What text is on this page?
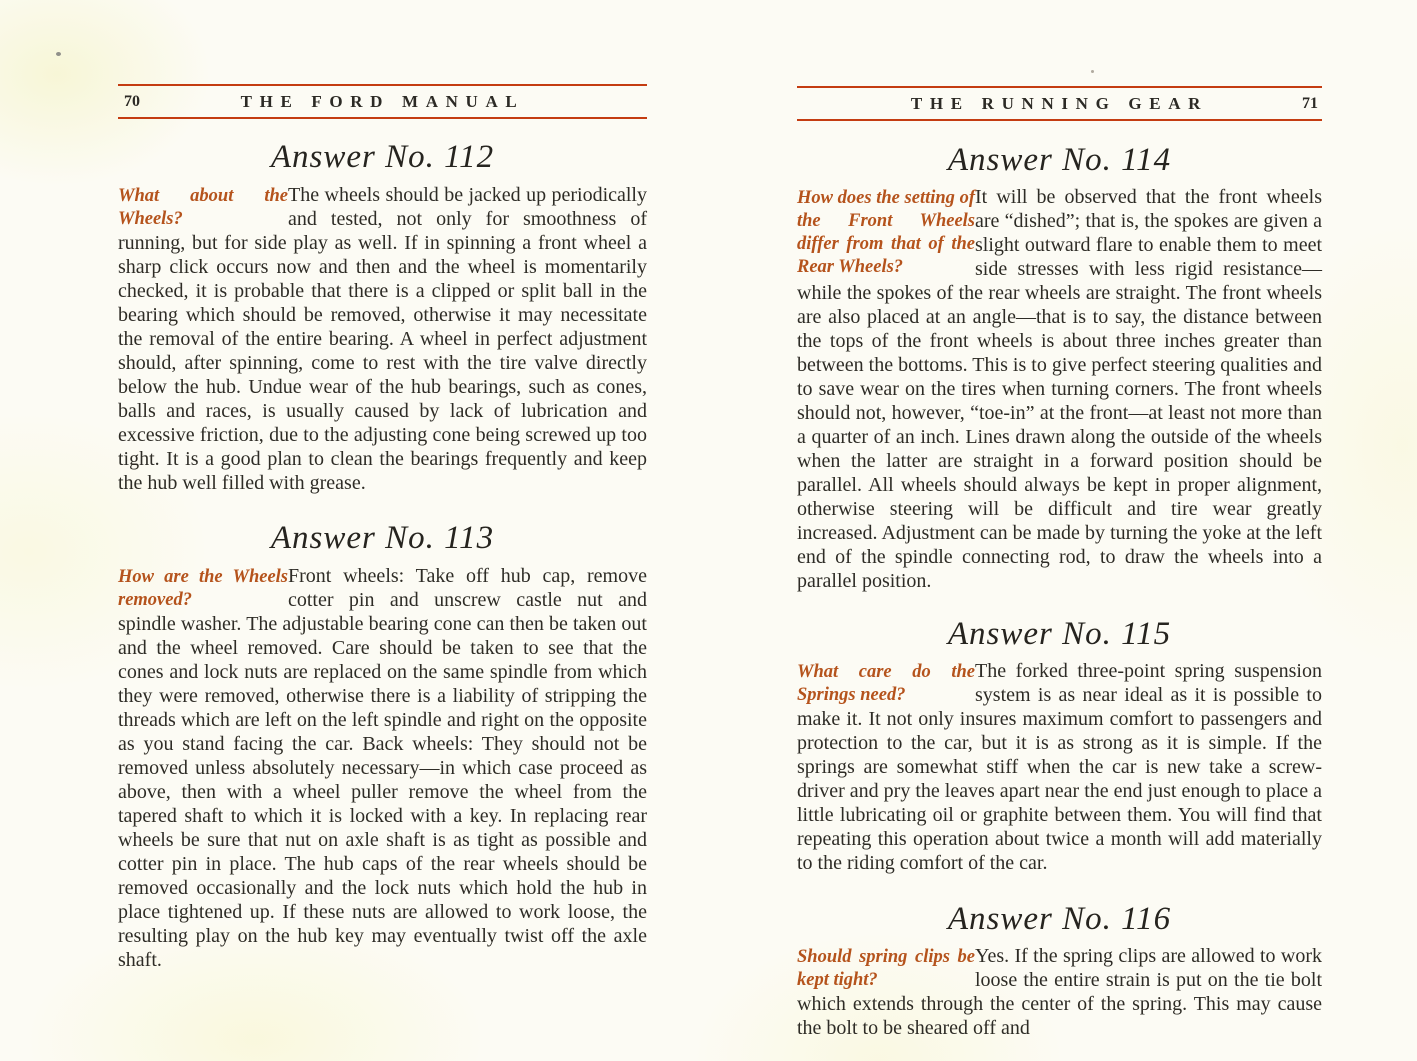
70	THE FORD MANUAL
Answer No. 112

What about the Wheels?
The wheels should be jacked up periodically and tested, not only for smoothness of running, but for side play as well. If in spinning a front wheel a sharp click occurs now and then and the wheel is momentarily checked, it is probable that there is a clipped or split ball in the bearing which should be removed, otherwise it may necessitate the removal of the entire bearing. A wheel in perfect adjustment should, after spinning, come to rest with the tire valve directly below the hub. Undue wear of the hub bearings, such as cones, balls and races, is usually caused by lack of lubrication and excessive friction, due to the adjusting cone being screwed up too tight. It is a good plan to clean the bearings frequently and keep the hub well filled with grease.

Answer No. 113

How are the Wheels removed?
Front wheels: Take off hub cap, remove cotter pin and unscrew castle nut and spindle washer. The adjustable bearing cone can then be taken out and the wheel removed. Care should be taken to see that the cones and lock nuts are replaced on the same spindle from which they were removed, otherwise there is a liability of stripping the threads which are left on the left spindle and right on the opposite as you stand facing the car. Back wheels: They should not be removed unless absolutely necessary—in which case proceed as above, then with a wheel puller remove the wheel from the tapered shaft to which it is locked with a key. In replacing rear wheels be sure that nut on axle shaft is as tight as possible and cotter pin in place. The hub caps of the rear wheels should be removed occasionally and the lock nuts which hold the hub in place tightened up. If these nuts are allowed to work loose, the resulting play on the hub key may eventually twist off the axle shaft.

THE RUNNING GEAR	71
Answer No. 114

How does the setting of the Front Wheels differ from that of the Rear Wheels?
It will be observed that the front wheels are “dished”; that is, the spokes are given a slight outward flare to enable them to meet side stresses with less rigid resistance—while the spokes of the rear wheels are straight. The front wheels are also placed at an angle—that is to say, the distance between the tops of the front wheels is about three inches greater than between the bottoms. This is to give perfect steering qualities and to save wear on the tires when turning corners. The front wheels should not, however, “toe-in” at the front—at least not more than a quarter of an inch. Lines drawn along the outside of the wheels when the latter are straight in a forward position should be parallel. All wheels should always be kept in proper alignment, otherwise steering will be difficult and tire wear greatly increased. Adjustment can be made by turning the yoke at the left end of the spindle connecting rod, to draw the wheels into a parallel position.

Answer No. 115

What care do the Springs need?
The forked three-point spring suspension system is as near ideal as it is possible to make it. It not only insures maximum comfort to passengers and protection to the car, but it is as strong as it is simple. If the springs are somewhat stiff when the car is new take a screw-driver and pry the leaves apart near the end just enough to place a little lubricating oil or graphite between them. You will find that repeating this operation about twice a month will add materially to the riding comfort of the car.

Answer No. 116

Should spring clips be kept tight?
Yes. If the spring clips are allowed to work loose the entire strain is put on the tie bolt which extends through the center of the spring. This may cause the bolt to be sheared off and
